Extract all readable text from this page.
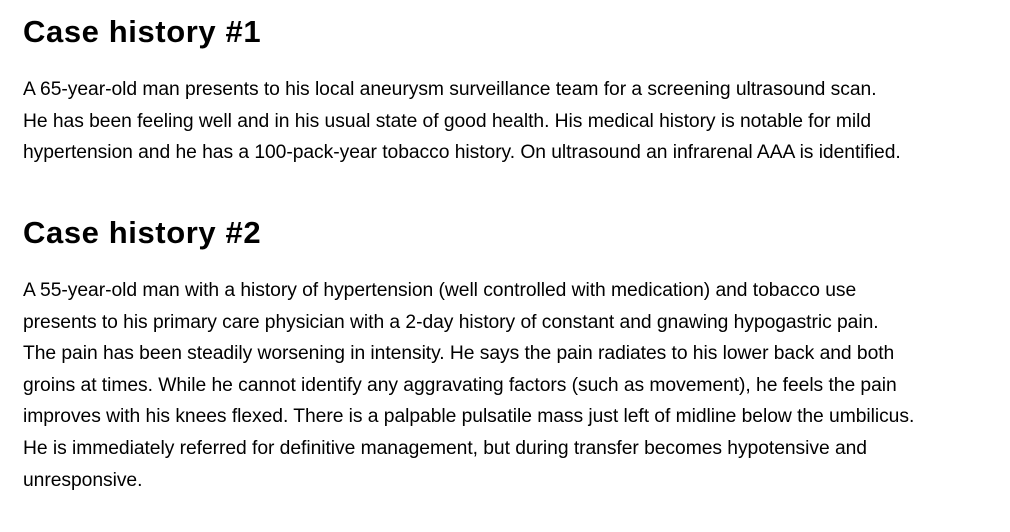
Case history #1

A 65-year-old man presents to his local aneurysm surveillance team for a screening ultrasound scan.
He has been feeling well and in his usual state of good health. His medical history is notable for mild
hypertension and he has a 100-pack-year tobacco history. On ultrasound an infrarenal AAA is identified.

Case history #2

A 55-year-old man with a history of hypertension (well controlled with medication) and tobacco use
presents to his primary care physician with a 2-day history of constant and gnawing hypogastric pain.
The pain has been steadily worsening in intensity. He says the pain radiates to his lower back and both
groins at times. While he cannot identify any aggravating factors (such as movement), he feels the pain
improves with his knees flexed. There is a palpable pulsatile mass just left of midline below the umbilicus.
He is immediately referred for definitive management, but during transfer becomes hypotensive and
unresponsive.
